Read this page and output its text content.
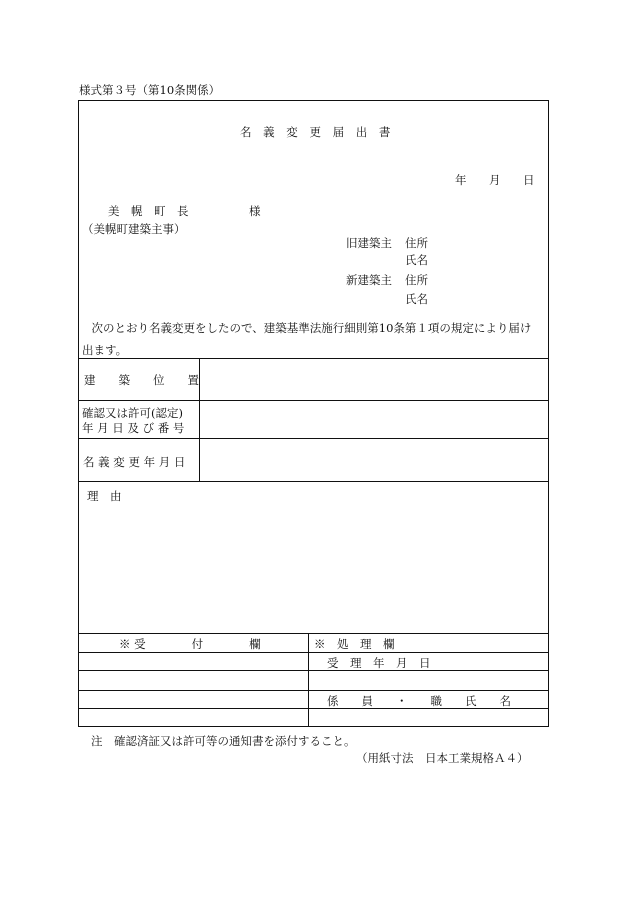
様式第３号（第10条関係）
名 義 変 更 届 出 書
年 月 日
美　幌　町　長	様
（美幌町建築主事）
旧建築主 住所
氏名
新建築主 住所
氏名
　次のとおり名義変更をしたので、建築基準法施行細則第10条第１項の規定により届け
出ます。
建　　築　　位　　置
確認又は許可(認定)
年 月 日 及 び 番 号
名 義 変 更 年 月 日
理　由
※ 受　　　　付　　　　欄	※　処　理　欄
受　理　年　月　日
係　　員　　・　　職　　氏　　名
注　確認済証又は許可等の通知書を添付すること。
（用紙寸法　日本工業規格Ａ４）
